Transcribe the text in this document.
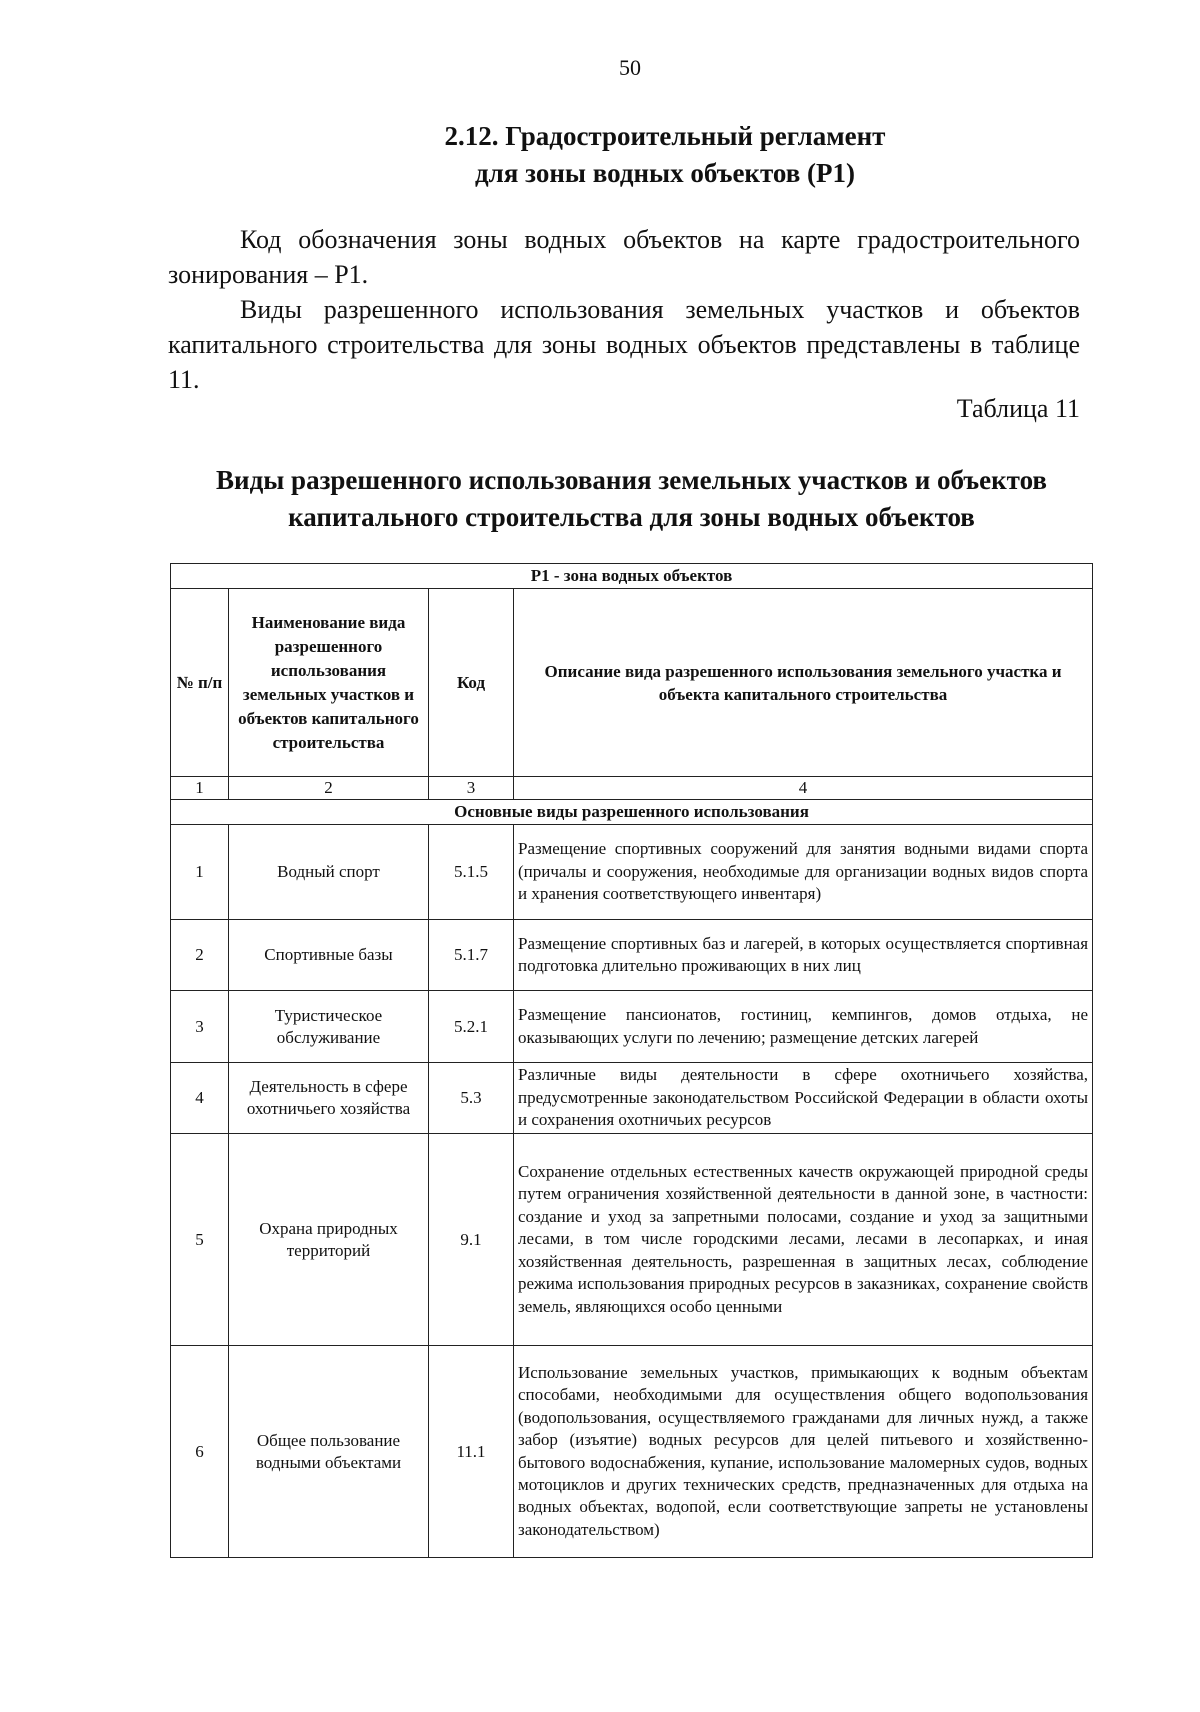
50
2.12. Градостроительный регламент
для зоны водных объектов (Р1)

Код обозначения зоны водных объектов на карте градостроительного зонирования – Р1.

Виды разрешенного использования земельных участков и объектов капитального строительства для зоны водных объектов представлены в таблице 11.

Таблица 11
Виды разрешенного использования земельных участков и объектов
капитального строительства для зоны водных объектов
Р1 - зона водных объектов			
№ п/п	Наименование вида разрешенного использования земельных участков и объектов капитального строительства	Код	Описание вида разрешенного использования земельного участка и объекта капитального строительства
1	2	3	4
Основные виды разрешенного использования			
1	Водный спорт	5.1.5	Размещение спортивных сооружений для занятия водными видами спорта (причалы и сооружения, необходимые для организации водных видов спорта и хранения соответствующего инвентаря)
2	Спортивные базы	5.1.7	Размещение спортивных баз и лагерей, в которых осуществляется спортивная подготовка длительно проживающих в них лиц
3	Туристическое обслуживание	5.2.1	Размещение пансионатов, гостиниц, кемпингов, домов отдыха, не оказывающих услуги по лечению; размещение детских лагерей
4	Деятельность в сфере охотничьего хозяйства	5.3	Различные виды деятельности в сфере охотничьего хозяйства, предусмотренные законодательством Российской Федерации в области охоты и сохранения охотничьих ресурсов
5	Охрана природных территорий	9.1	Сохранение отдельных естественных качеств окружающей природной среды путем ограничения хозяйственной деятельности в данной зоне, в частности: создание и уход за запретными полосами, создание и уход за защитными лесами, в том числе городскими лесами, лесами в лесопарках, и иная хозяйственная деятельность, разрешенная в защитных лесах, соблюдение режима использования природных ресурсов в заказниках, сохранение свойств земель, являющихся особо ценными
6	Общее пользование водными объектами	11.1	Использование земельных участков, примыкающих к водным объектам способами, необходимыми для осуществления общего водопользования (водопользования, осуществляемого гражданами для личных нужд, а также забор (изъятие) водных ресурсов для целей питьевого и хозяйственно-бытового водоснабжения, купание, использование маломерных судов, водных мотоциклов и других технических средств, предназначенных для отдыха на водных объектах, водопой, если соответствующие запреты не установлены законодательством)
